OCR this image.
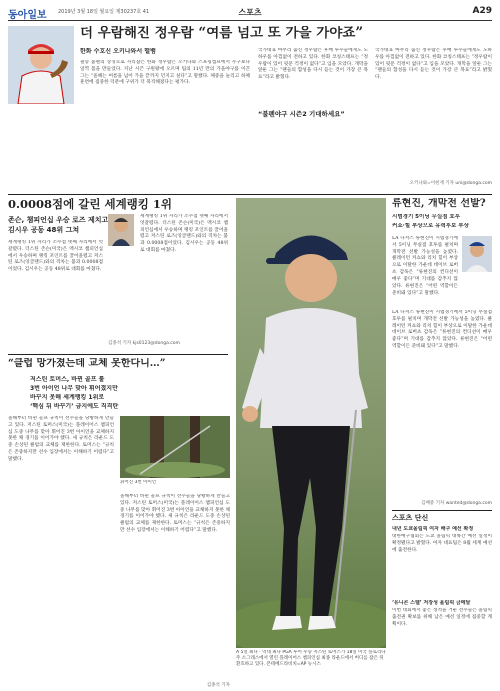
동아일보 2019년 3월 18일 월요일 제30237호 41	스포츠	A29
더 우람해진 정우람 “여름 넘고 또 가을 가야죠”
한화 수호신 오키나와서 떨뱀
필승 불펜의 상징으로 자리잡은 한화 정우람은 오키나와 스프링캠프에서 누구보다 일찍 몸을 만들었다. 지난 시즌 구원왕에 오르며 팀의 11년 만의 가을야구를 이끈 그는 “올해는 여름을 넘어 가을 끝까지 던지고 싶다”고 말했다. 체중을 늘리고 하체 훈련에 집중한 덕분에 구위가 더 묵직해졌다는 평가다.
국가대표 마무리 출신 정우람은 후배 투수들에게도 노하우를 아낌없이 전하고 있다. 한화 코칭스태프는 “정우람이 있어 뒷문 걱정이 없다”고 입을 모았다. 개막을 앞둔 그는 “팬들의 함성을 다시 듣는 것이 가장 큰 목표”라고 밝혔다.
“불펜야구 시즌2 기대하세요”
국가대표 마무리 출신 정우람은 후배 투수들에게도 노하우를 아낌없이 전하고 있다. 한화 코칭스태프는 “정우람이 있어 뒷문 걱정이 없다”고 입을 모았다. 개막을 앞둔 그는 “팬들의 함성을 다시 듣는 것이 가장 큰 목표”라고 밝혔다.
오키나와=이헌재 기자 uni@donga.com
0.0008점에 갈린 세계랭킹 1위
존슨, 챔피언십 우승 로즈 제치고
김시우 공동 48위 그쳐
세계랭킹 1위 자리가 소수점 넷째 자리에서 엇갈렸다. 더스틴 존슨(미국)은 멕시코 챔피언십에서 우승하며 랭킹 포인트를 끌어올렸고 저스틴 로즈(잉글랜드)와의 격차는 불과 0.0008점이었다. 김시우는 공동 48위로 대회를 마쳤다.
세계랭킹 1위 자리가 소수점 넷째 자리에서 엇갈렸다. 더스틴 존슨(미국)은 멕시코 챔피언십에서 우승하며 랭킹 포인트를 끌어올렸고 저스틴 로즈(잉글랜드)와의 격차는 불과 0.0008점이었다. 김시우는 공동 48위로 대회를 마쳤다.
김종석 기자 kjs0123@donga.com
“클럽 망가졌는데 교체 못한다니…”
저스틴 토머스, 바뀐 골프 룰
3번 아이언 나무 맞아 휘어졌지만
바꾸지 못해 세계랭킹 1위로
‘핵심 뒤 바꾸기’ 금지에도 직격탄
올해부터 바뀐 골프 규칙이 선수들을 당황하게 만들고 있다. 저스틴 토머스(미국)는 플레이어스 챔피언십 도중 나무를 맞아 휘어진 3번 아이언을 교체하지 못한 채 경기를 이어가야 했다. 새 규칙은 라운드 도중 손상된 클럽의 교체를 제한한다. 토머스는 “규칙은 존중하지만 선수 입장에서는 이해하기 어렵다”고 말했다.
휘어진 3번 아이언
올해부터 바뀐 골프 규칙이 선수들을 당황하게 만들고 있다. 저스틴 토머스(미국)는 플레이어스 챔피언십 도중 나무를 맞아 휘어진 3번 아이언을 교체하지 못한 채 경기를 이어가야 했다. 새 규칙은 라운드 도중 손상된 클럽의 교체를 제한한다. 토머스는 “규칙은 존중하지만 선수 입장에서는 이해하기 어렵다”고 말했다.
김종석 기자
A 5일 최다 · 역대 최다 PGA 투어 우승 저스틴 토머스가 18일 미국 플로리다주 소그래스에서 열린 플레이어스 챔피언십 최종 라운드에서 버디를 잡은 뒤 환호하고 있다. 폰테베드라비치=AP 뉴시스
류현진, 개막전 선발?
시범경기 5이닝 무실점 호투
커쇼·힐 부상으로 유력후보 부상
LA 다저스 류현진이 시범경기에서 5이닝 무실점 호투를 펼치며 개막전 선발 가능성을 높였다. 클레이턴 커쇼와 리치 힐이 부상으로 이탈한 가운데 데이브 로버츠 감독은 “류현진의 컨디션이 매우 좋다”며 기대를 감추지 않았다. 류현진은 “어떤 역할이든 준비돼 있다”고 말했다.
LA 다저스 류현진이 시범경기에서 5이닝 무실점 호투를 펼치며 개막전 선발 가능성을 높였다. 클레이턴 커쇼와 리치 힐이 부상으로 이탈한 가운데 데이브 로버츠 감독은 “류현진의 컨디션이 매우 좋다”며 기대를 감추지 않았다. 류현진은 “어떤 역할이든 준비돼 있다”고 말했다.
김배중 기자 wanted@donga.com
스포츠 단신
내년 도쿄올림픽 여자 배구 예선 확정
대한배구협회는 도쿄 올림픽 대륙간 예선 일정이 확정됐다고 밝혔다. 여자 대표팀은 8월 세계 예선에 출전한다.
‘유니콘 스텔’ 저장성 올림픽 금메달
이번 대회에서 좋은 성적을 거둔 선수들은 올림픽 출전권 확보를 위해 남은 예선 일정에 집중할 계획이다.
